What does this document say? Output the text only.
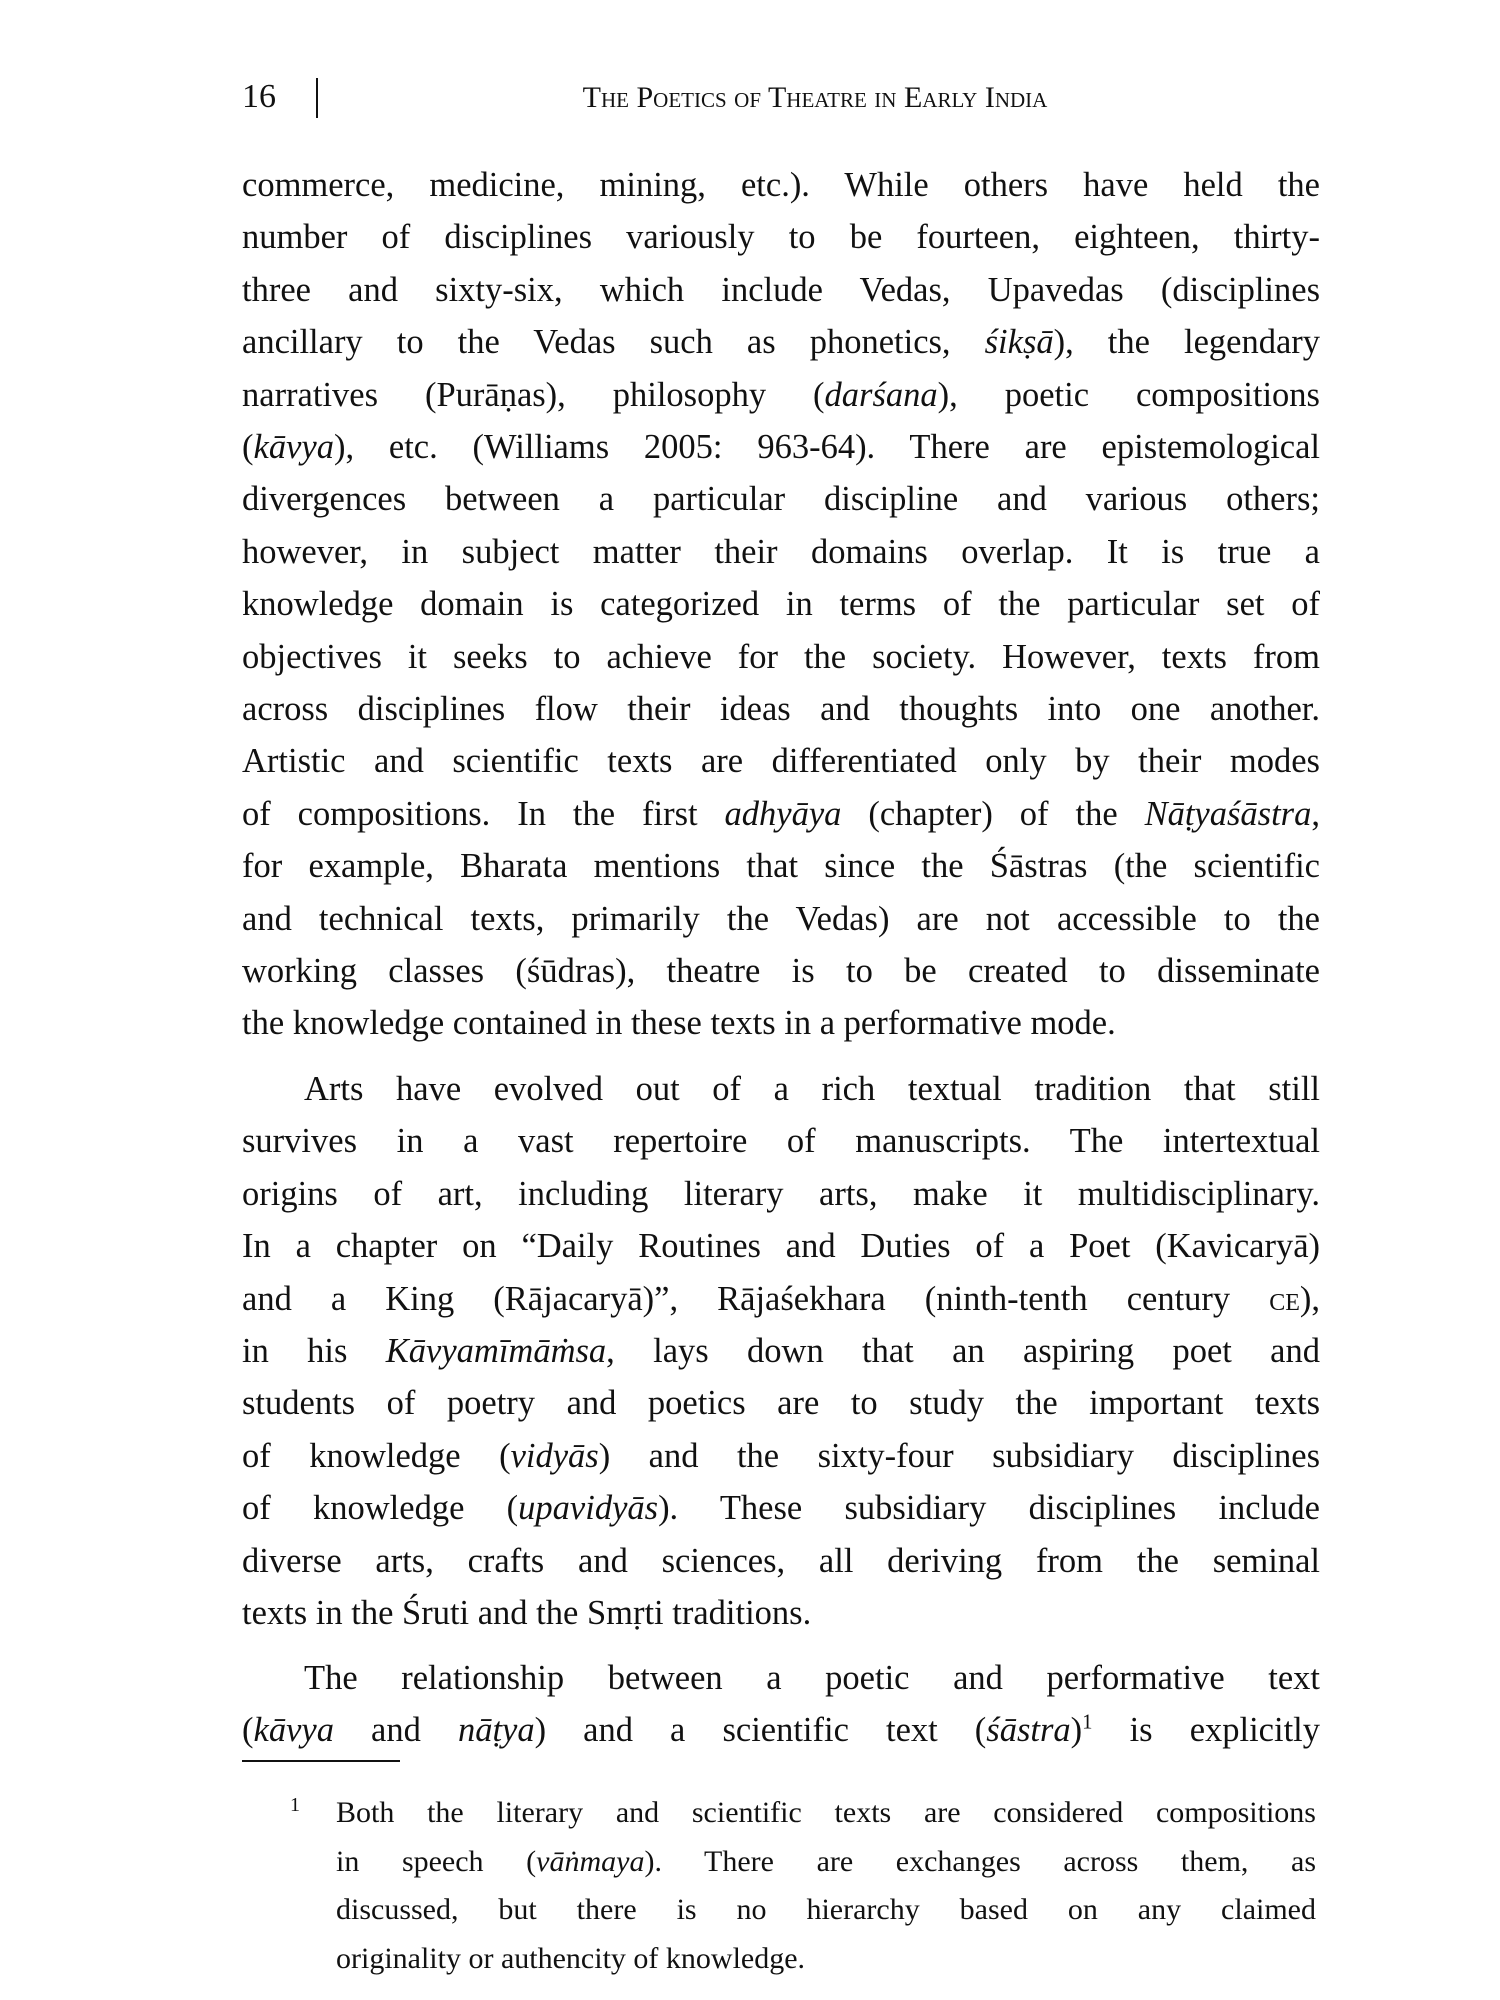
16	The Poetics of Theatre in Early India
commerce, medicine, mining, etc.). While others have held the
number of disciplines variously to be fourteen, eighteen, thirty-
three and sixty-six, which include Vedas, Upavedas (disciplines
ancillary to the Vedas such as phonetics, śikṣā), the legendary
narratives (Purāṇas), philosophy (darśana), poetic compositions
(kāvya), etc. (Williams 2005: 963-64). There are epistemological
divergences between a particular discipline and various others;
however, in subject matter their domains overlap. It is true a
knowledge domain is categorized in terms of the particular set of
objectives it seeks to achieve for the society. However, texts from
across disciplines flow their ideas and thoughts into one another.
Artistic and scientific texts are differentiated only by their modes
of compositions. In the first adhyāya (chapter) of the Nāṭyaśāstra,
for example, Bharata mentions that since the Śāstras (the scientific
and technical texts, primarily the Vedas) are not accessible to the
working classes (śūdras), theatre is to be created to disseminate
the knowledge contained in these texts in a performative mode.
Arts have evolved out of a rich textual tradition that still
survives in a vast repertoire of manuscripts. The intertextual
origins of art, including literary arts, make it multidisciplinary.
In a chapter on “Daily Routines and Duties of a Poet (Kavicaryā)
and a King (Rājacaryā)”, Rājaśekhara (ninth-tenth century ce),
in his Kāvyamīmāṁsa, lays down that an aspiring poet and
students of poetry and poetics are to study the important texts
of knowledge (vidyās) and the sixty-four subsidiary disciplines
of knowledge (upavidyās). These subsidiary disciplines include
diverse arts, crafts and sciences, all deriving from the seminal
texts in the Śruti and the Smṛti traditions.
The relationship between a poetic and performative text
(kāvya and nāṭya) and a scientific text (śāstra)$^1$ is explicitly
1 Both the literary and scientific texts are considered compositions
in speech (vāṅmaya). There are exchanges across them, as
discussed, but there is no hierarchy based on any claimed
originality or authencity of knowledge.
